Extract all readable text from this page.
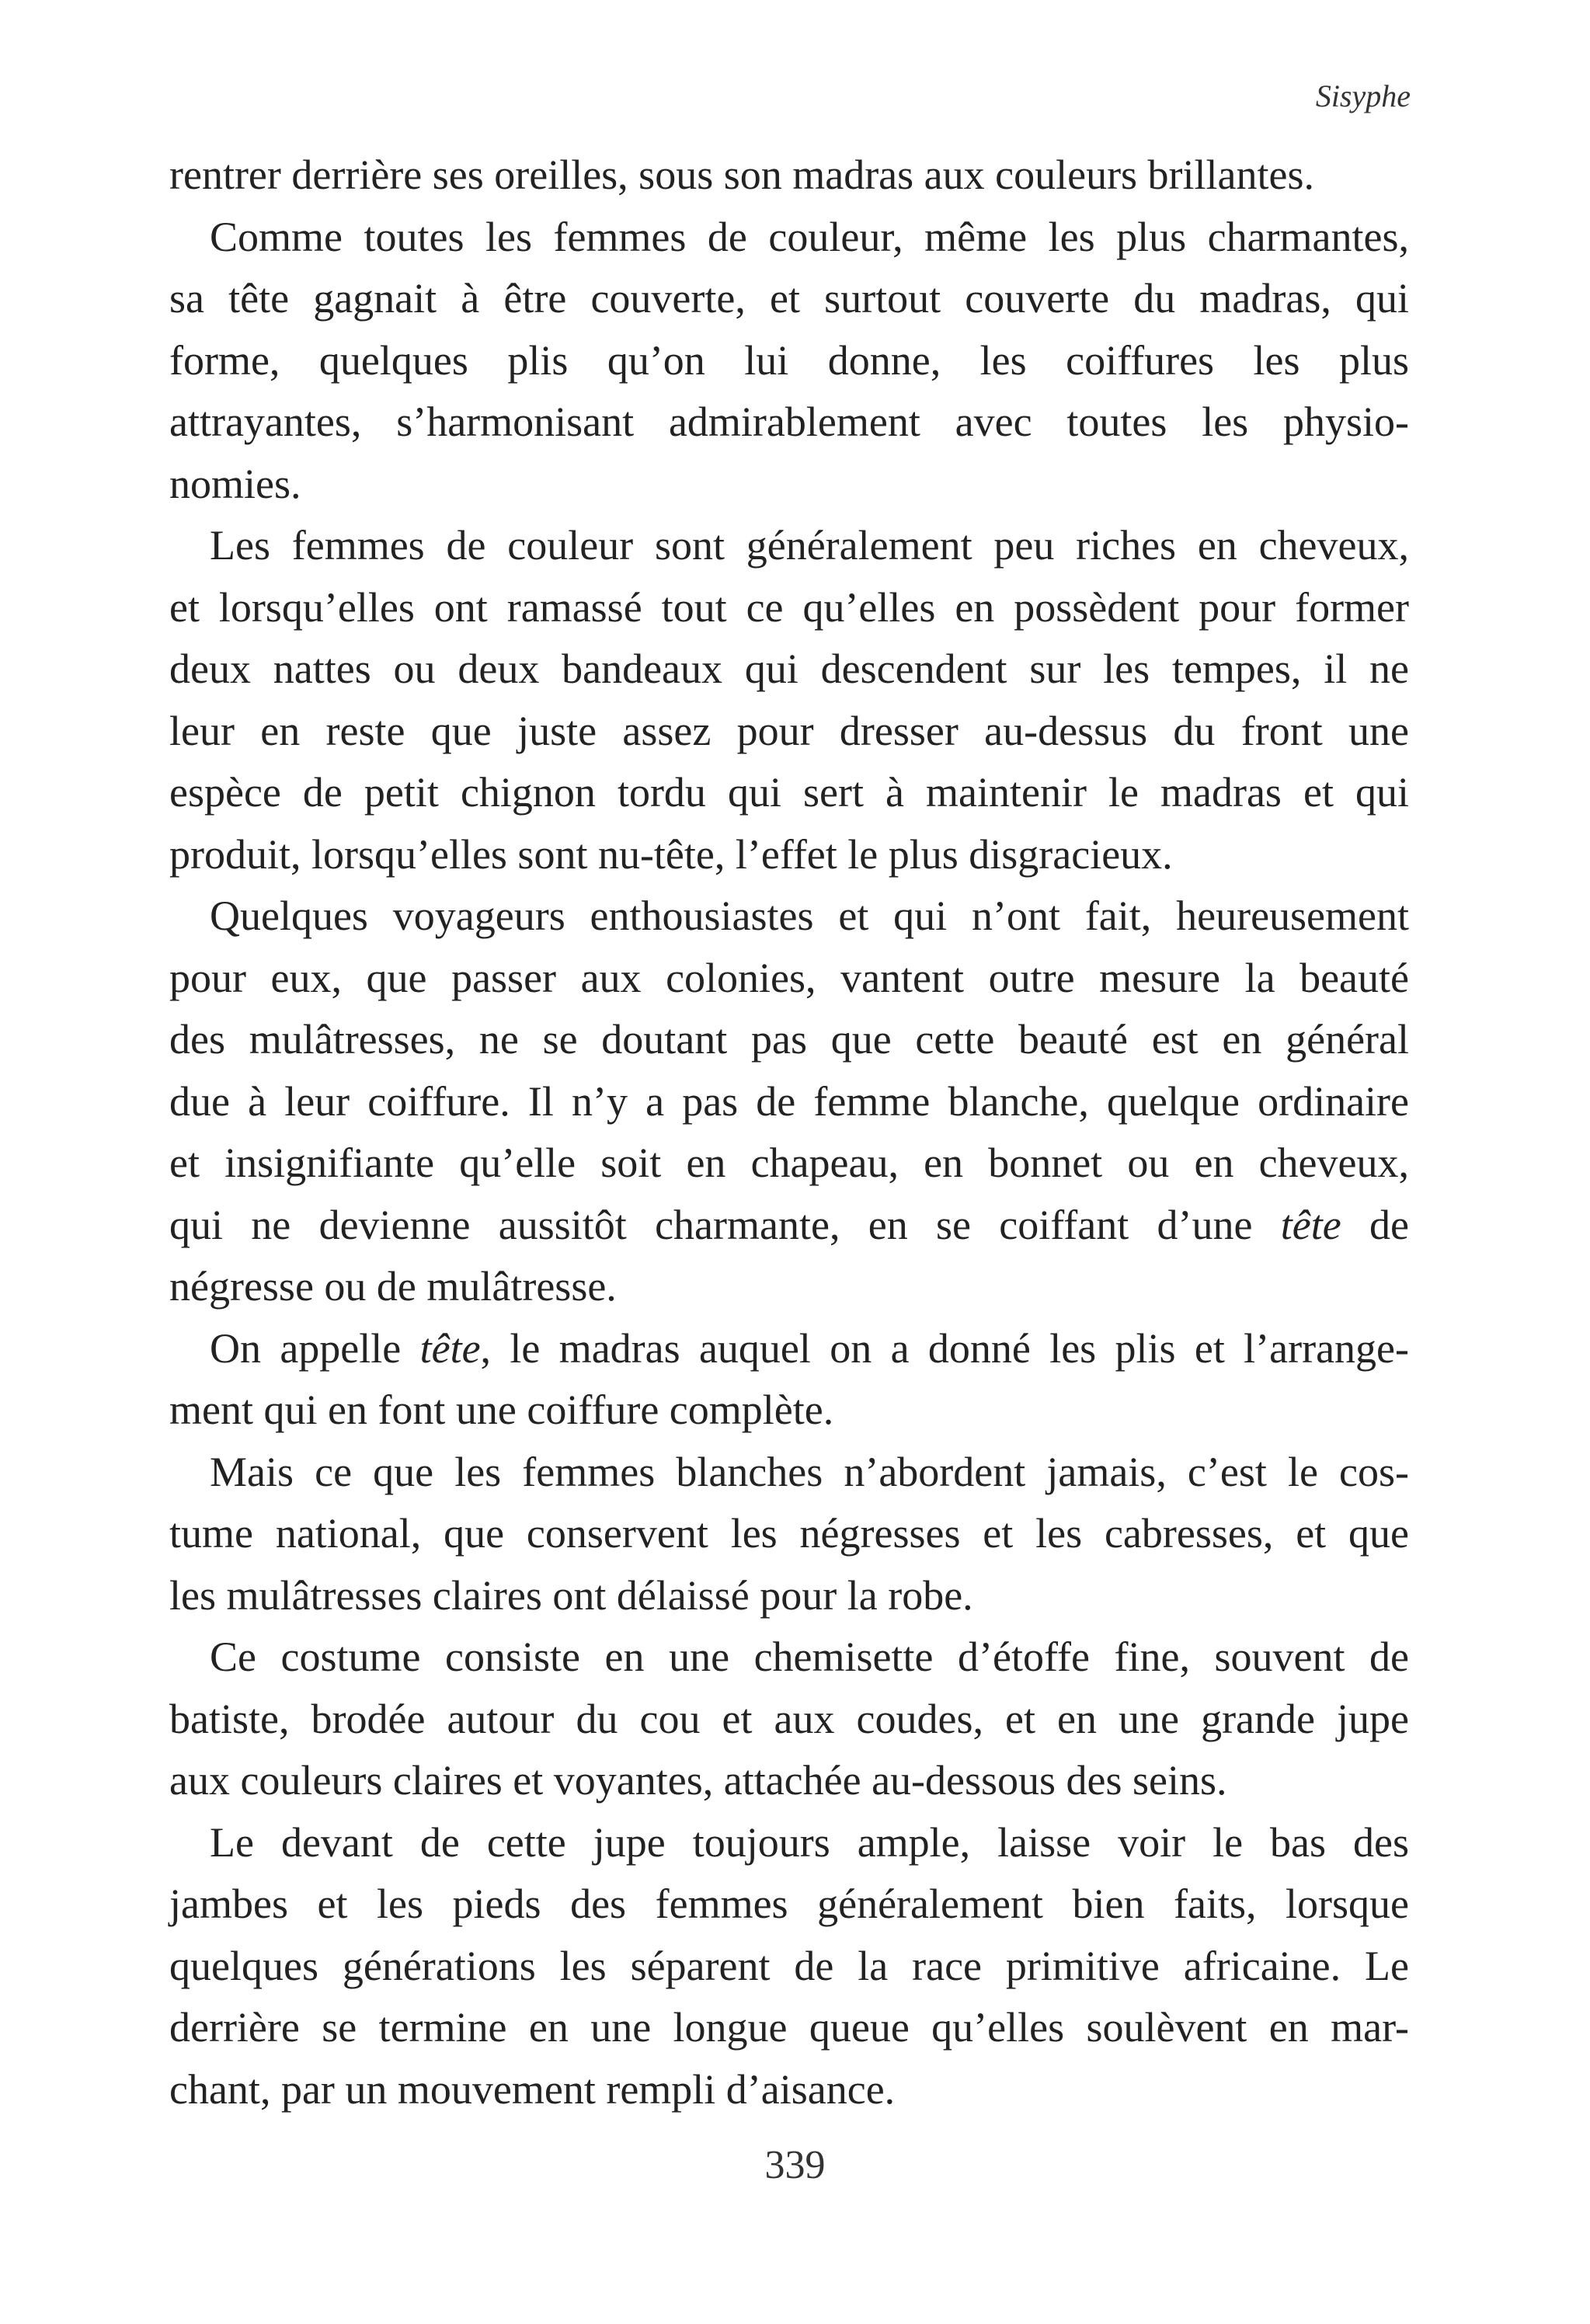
Sisyphe
rentrer derrière ses oreilles, sous son madras aux couleurs brillantes.
Comme toutes les femmes de couleur, même les plus charmantes,
sa tête gagnait à être couverte, et surtout couverte du madras, qui
forme, quelques plis qu’on lui donne, les coiffures les plus
attrayantes, s’harmonisant admirablement avec toutes les physio-
nomies.
Les femmes de couleur sont généralement peu riches en cheveux,
et lorsqu’elles ont ramassé tout ce qu’elles en possèdent pour former
deux nattes ou deux bandeaux qui descendent sur les tempes, il ne
leur en reste que juste assez pour dresser au-dessus du front une
espèce de petit chignon tordu qui sert à maintenir le madras et qui
produit, lorsqu’elles sont nu-tête, l’effet le plus disgracieux.
Quelques voyageurs enthousiastes et qui n’ont fait, heureusement
pour eux, que passer aux colonies, vantent outre mesure la beauté
des mulâtresses, ne se doutant pas que cette beauté est en général
due à leur coiffure. Il n’y a pas de femme blanche, quelque ordinaire
et insignifiante qu’elle soit en chapeau, en bonnet ou en cheveux,
qui ne devienne aussitôt charmante, en se coiffant d’une tête de
négresse ou de mulâtresse.
On appelle tête, le madras auquel on a donné les plis et l’arrange-
ment qui en font une coiffure complète.
Mais ce que les femmes blanches n’abordent jamais, c’est le cos-
tume national, que conservent les négresses et les cabresses, et que
les mulâtresses claires ont délaissé pour la robe.
Ce costume consiste en une chemisette d’étoffe fine, souvent de
batiste, brodée autour du cou et aux coudes, et en une grande jupe
aux couleurs claires et voyantes, attachée au-dessous des seins.
Le devant de cette jupe toujours ample, laisse voir le bas des
jambes et les pieds des femmes généralement bien faits, lorsque
quelques générations les séparent de la race primitive africaine. Le
derrière se termine en une longue queue qu’elles soulèvent en mar-
chant, par un mouvement rempli d’aisance.
339
